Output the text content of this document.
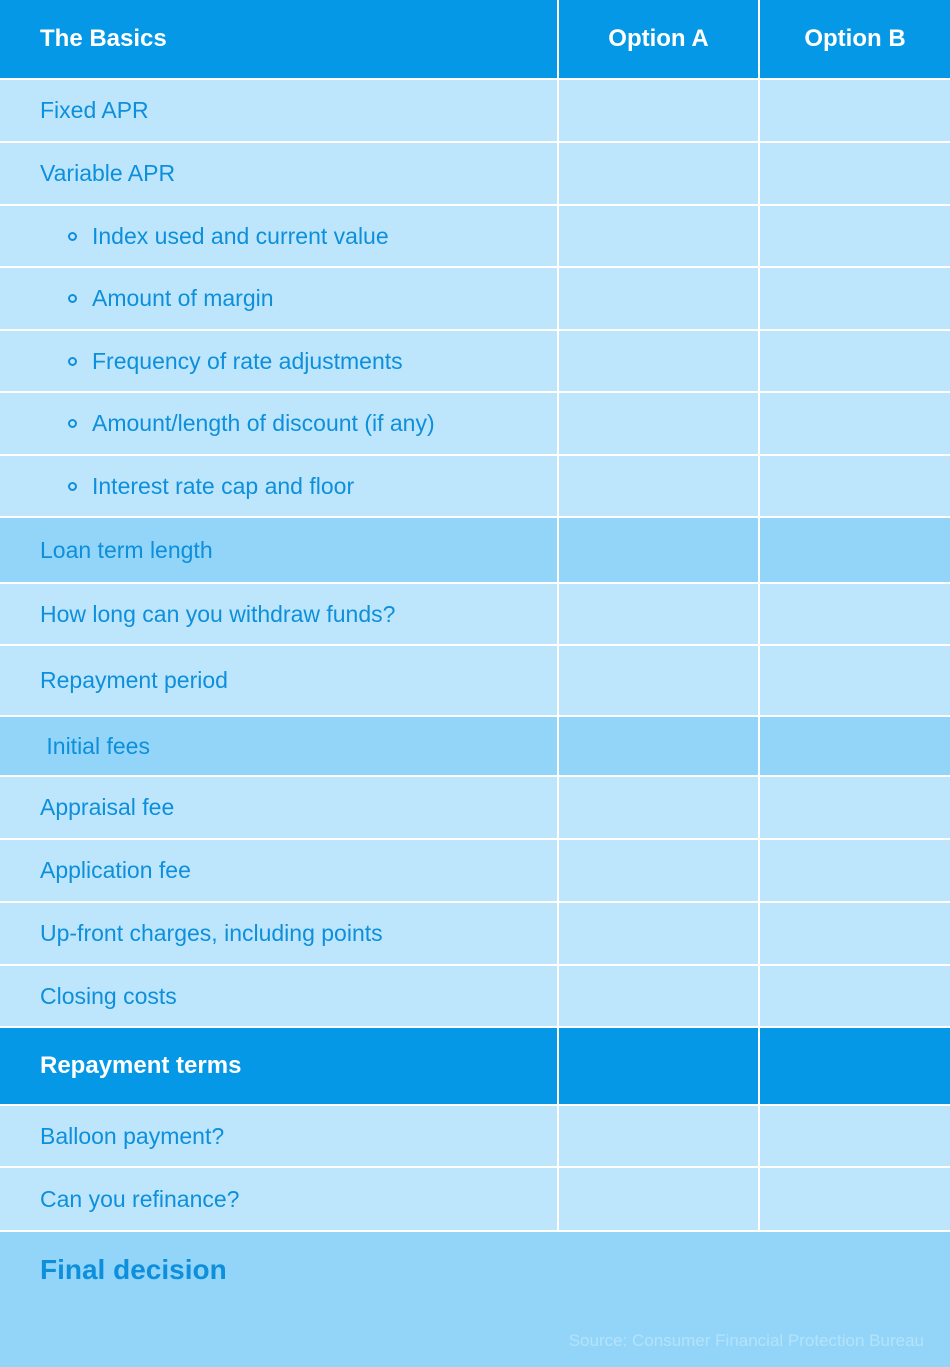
The Basics	Option A	Option B
Fixed APR
Variable APR
Index used and current value
Amount of margin
Frequency of rate adjustments
Amount/length of discount (if any)
Interest rate cap and floor
Loan term length
How long can you withdraw funds?
Repayment period
Initial fees
Appraisal fee
Application fee
Up-front charges, including points
Closing costs
Repayment terms
Balloon payment?
Can you refinance?
Final decision
Source: Consumer Financial Protection Bureau
